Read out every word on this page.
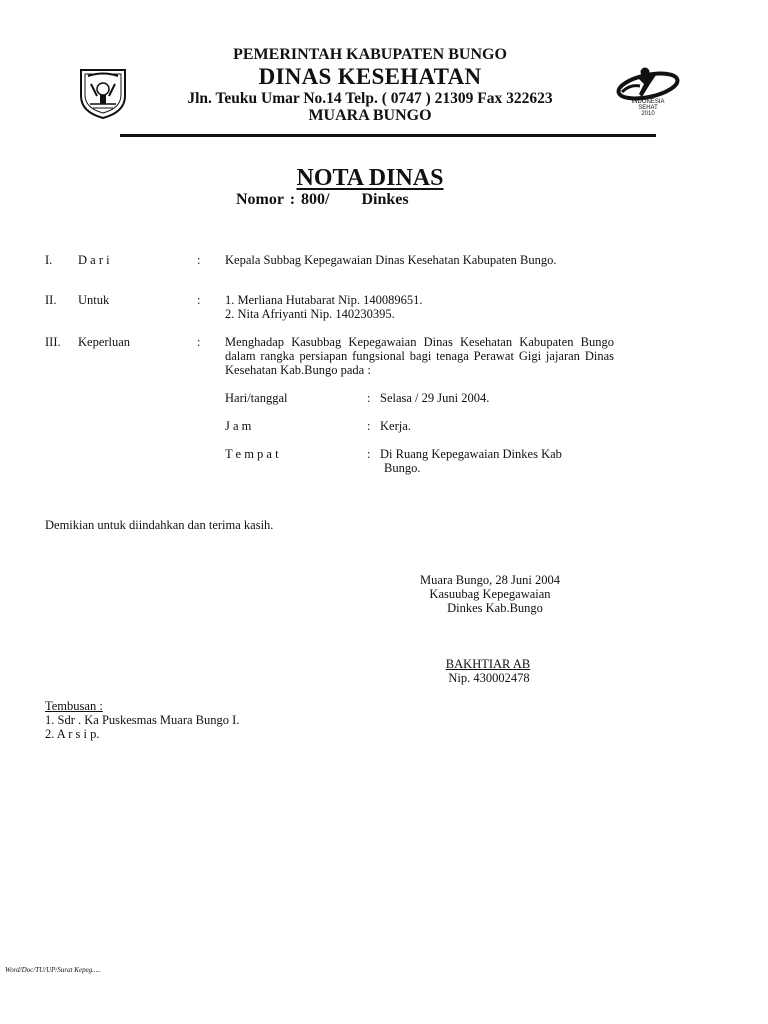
PEMERINTAH KABUPATEN BUNGO
DINAS KESEHATAN
Jln. Teuku Umar No.14 Telp. ( 0747 ) 21309 Fax 322623
MUARA BUNGO
INDONESIA
SEHAT
2010
NOTA DINAS
Nomor : 800/ Dinkes
I. D a r i	: Kepala Subbag Kepegawaian Dinas Kesehatan Kabupaten Bungo.
II. Untuk	: 1. Merliana Hutabarat Nip. 140089651.
2. Nita Afriyanti Nip. 140230395.
III. Keperluan	: Menghadap Kasubbag Kepegawaian Dinas Kesehatan Kabupaten Bungo dalam rangka persiapan fungsional bagi tenaga Perawat Gigi jajaran Dinas Kesehatan Kab.Bungo pada :
Hari/tanggal	: Selasa / 29 Juni 2004.
J a m	: Kerja.
T e m p a t	: Di Ruang Kepegawaian Dinkes Kab
Bungo.
Demikian untuk diindahkan dan terima kasih.
Muara Bungo, 28 Juni 2004
Kasuubag Kepegawaian
Dinkes Kab.Bungo
BAKHTIAR AB
Nip. 430002478
Tembusan :
1. Sdr . Ka Puskesmas Muara Bungo I.
2. A r s i p.
Word/Doc/TU/UP/Surat Kepeg.....
